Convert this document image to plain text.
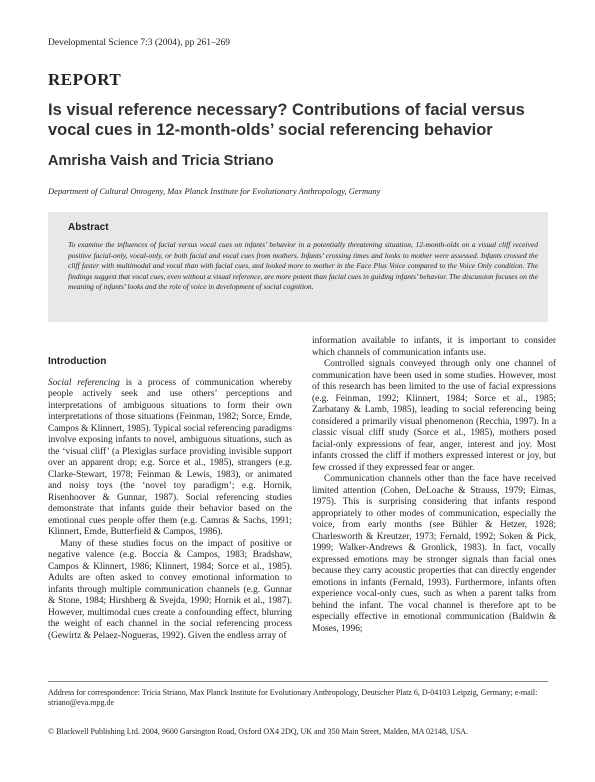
Developmental Science 7:3 (2004), pp 261–269
REPORT
Is visual reference necessary? Contributions of facial versus vocal cues in 12-month-olds’ social referencing behavior
Amrisha Vaish and Tricia Striano
Department of Cultural Ontogeny, Max Planck Institute for Evolutionary Anthropology, Germany
Abstract

To examine the influences of facial versus vocal cues on infants’ behavior in a potentially threatening situation, 12-month-olds on a visual cliff received positive facial-only, vocal-only, or both facial and vocal cues from mothers. Infants’ crossing times and looks to mother were assessed. Infants crossed the cliff faster with multimodal and vocal than with facial cues, and looked more to mother in the Face Plus Voice compared to the Voice Only condition. The findings suggest that vocal cues, even without a visual reference, are more potent than facial cues in guiding infants’ behavior. The discussion focuses on the meaning of infants’ looks and the role of voice in development of social cognition.

Introduction

Social referencing is a process of communication whereby people actively seek and use others’ perceptions and interpretations of ambiguous situations to form their own interpretations of those situations (Feinman, 1982; Sorce, Emde, Campos & Klinnert, 1985). Typical social referencing paradigms involve exposing infants to novel, ambiguous situations, such as the ‘visual cliff’ (a Plexiglas surface providing invisible support over an apparent drop; e.g. Sorce et al., 1985), strangers (e.g. Clarke-Stewart, 1978; Feinman & Lewis, 1983), or animated and noisy toys (the ‘novel toy paradigm’; e.g. Hornik, Risenhoover & Gunnar, 1987). Social referencing studies demonstrate that infants guide their behavior based on the emotional cues people offer them (e.g. Camras & Sachs, 1991; Klinnert, Emde, Butterfield & Campos, 1986).

Many of these studies focus on the impact of positive or negative valence (e.g. Boccia & Campos, 1983; Bradshaw, Campos & Klinnert, 1986; Klinnert, 1984; Sorce et al., 1985). Adults are often asked to convey emotional information to infants through multiple communication channels (e.g. Gunnar & Stone, 1984; Hirshberg & Svejda, 1990; Hornik et al., 1987). However, multimodal cues create a confounding effect, blurring the weight of each channel in the social referencing process (Gewirtz & Pelaez-Nogueras, 1992). Given the endless array of

information available to infants, it is important to consider which channels of communication infants use.

Controlled signals conveyed through only one channel of communication have been used in some studies. However, most of this research has been limited to the use of facial expressions (e.g. Feinman, 1992; Klinnert, 1984; Sorce et al., 1985; Zarbatany & Lamb, 1985), leading to social referencing being considered a primarily visual phenomenon (Recchia, 1997). In a classic visual cliff study (Sorce et al., 1985), mothers posed facial-only expressions of fear, anger, interest and joy. Most infants crossed the cliff if mothers expressed interest or joy, but few crossed if they expressed fear or anger.

Communication channels other than the face have received limited attention (Cohen, DeLoache & Strauss, 1979; Eimas, 1975). This is surprising considering that infants respond appropriately to other modes of communication, especially the voice, from early months (see Bühler & Hetzer, 1928; Charlesworth & Kreutzer, 1973; Fernald, 1992; Soken & Pick, 1999; Walker-Andrews & Gronlick, 1983). In fact, vocally expressed emotions may be stronger signals than facial ones because they carry acoustic properties that can directly engender emotions in infants (Fernald, 1993). Furthermore, infants often experience vocal-only cues, such as when a parent talks from behind the infant. The vocal channel is therefore apt to be especially effective in emotional communication (Baldwin & Moses, 1996;

Address for correspondence: Tricia Striano, Max Planck Institute for Evolutionary Anthropology, Deutscher Platz 6, D-04103 Leipzig, Germany; e-mail: striano@eva.mpg.de

© Blackwell Publishing Ltd. 2004, 9600 Garsington Road, Oxford OX4 2DQ, UK and 350 Main Street, Malden, MA 02148, USA.
